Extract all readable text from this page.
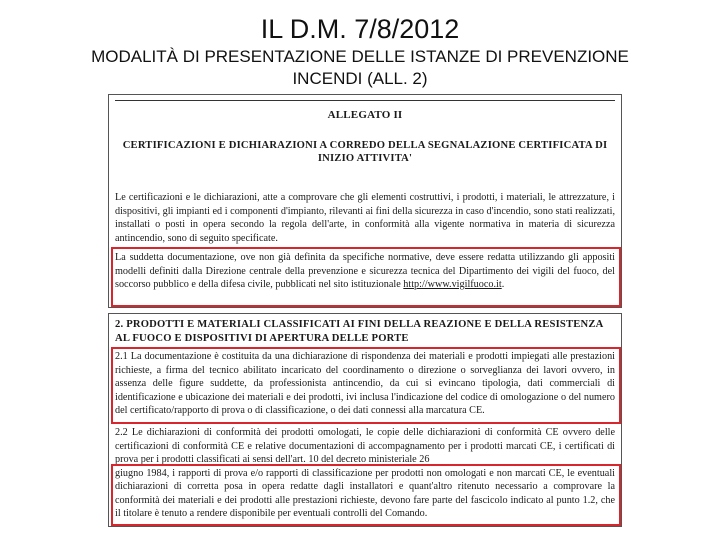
IL D.M. 7/8/2012
MODALITÀ DI PRESENTAZIONE DELLE ISTANZE DI PREVENZIONE
INCENDI (ALL. 2)
ALLEGATO II
CERTIFICAZIONI E DICHIARAZIONI A CORREDO DELLA SEGNALAZIONE CERTIFICATA DI
INIZIO ATTIVITA'
Le certificazioni e le dichiarazioni, atte a comprovare che gli elementi costruttivi, i prodotti, i materiali, le attrezzature, i dispositivi, gli impianti ed i componenti d'impianto, rilevanti ai fini della sicurezza in caso d'incendio, sono stati realizzati, installati o posti in opera secondo la regola dell'arte, in conformità alla vigente normativa in materia di sicurezza antincendio, sono di seguito specificate.
La suddetta documentazione, ove non già definita da specifiche normative, deve essere redatta utilizzando gli appositi modelli definiti dalla Direzione centrale della prevenzione e sicurezza tecnica del Dipartimento dei vigili del fuoco, del soccorso pubblico e della difesa civile, pubblicati nel sito istituzionale http://www.vigilfuoco.it.
2. PRODOTTI E MATERIALI CLASSIFICATI AI FINI DELLA REAZIONE E DELLA RESISTENZA
AL FUOCO E DISPOSITIVI DI APERTURA DELLE PORTE
2.1 La documentazione è costituita da una dichiarazione di rispondenza dei materiali e prodotti impiegati alle prestazioni richieste, a firma del tecnico abilitato incaricato del coordinamento o direzione o sorveglianza dei lavori ovvero, in assenza delle figure suddette, da professionista antincendio, da cui si evincano tipologia, dati commerciali di identificazione e ubicazione dei materiali e dei prodotti, ivi inclusa l'indicazione del codice di omologazione o del numero del certificato/rapporto di prova o di classificazione, o dei dati connessi alla marcatura CE.
2.2 Le dichiarazioni di conformità dei prodotti omologati, le copie delle dichiarazioni di conformità CE ovvero delle certificazioni di conformità CE e relative documentazioni di accompagnamento per i prodotti marcati CE, i certificati di prova per i prodotti classificati ai sensi dell'art. 10 del decreto ministeriale 26
giugno 1984, i rapporti di prova e/o rapporti di classificazione per prodotti non omologati e non marcati CE, le eventuali dichiarazioni di corretta posa in opera redatte dagli installatori e quant'altro ritenuto necessario a comprovare la conformità dei materiali e dei prodotti alle prestazioni richieste, devono fare parte del fascicolo indicato al punto 1.2, che il titolare è tenuto a rendere disponibile per eventuali controlli del Comando.
